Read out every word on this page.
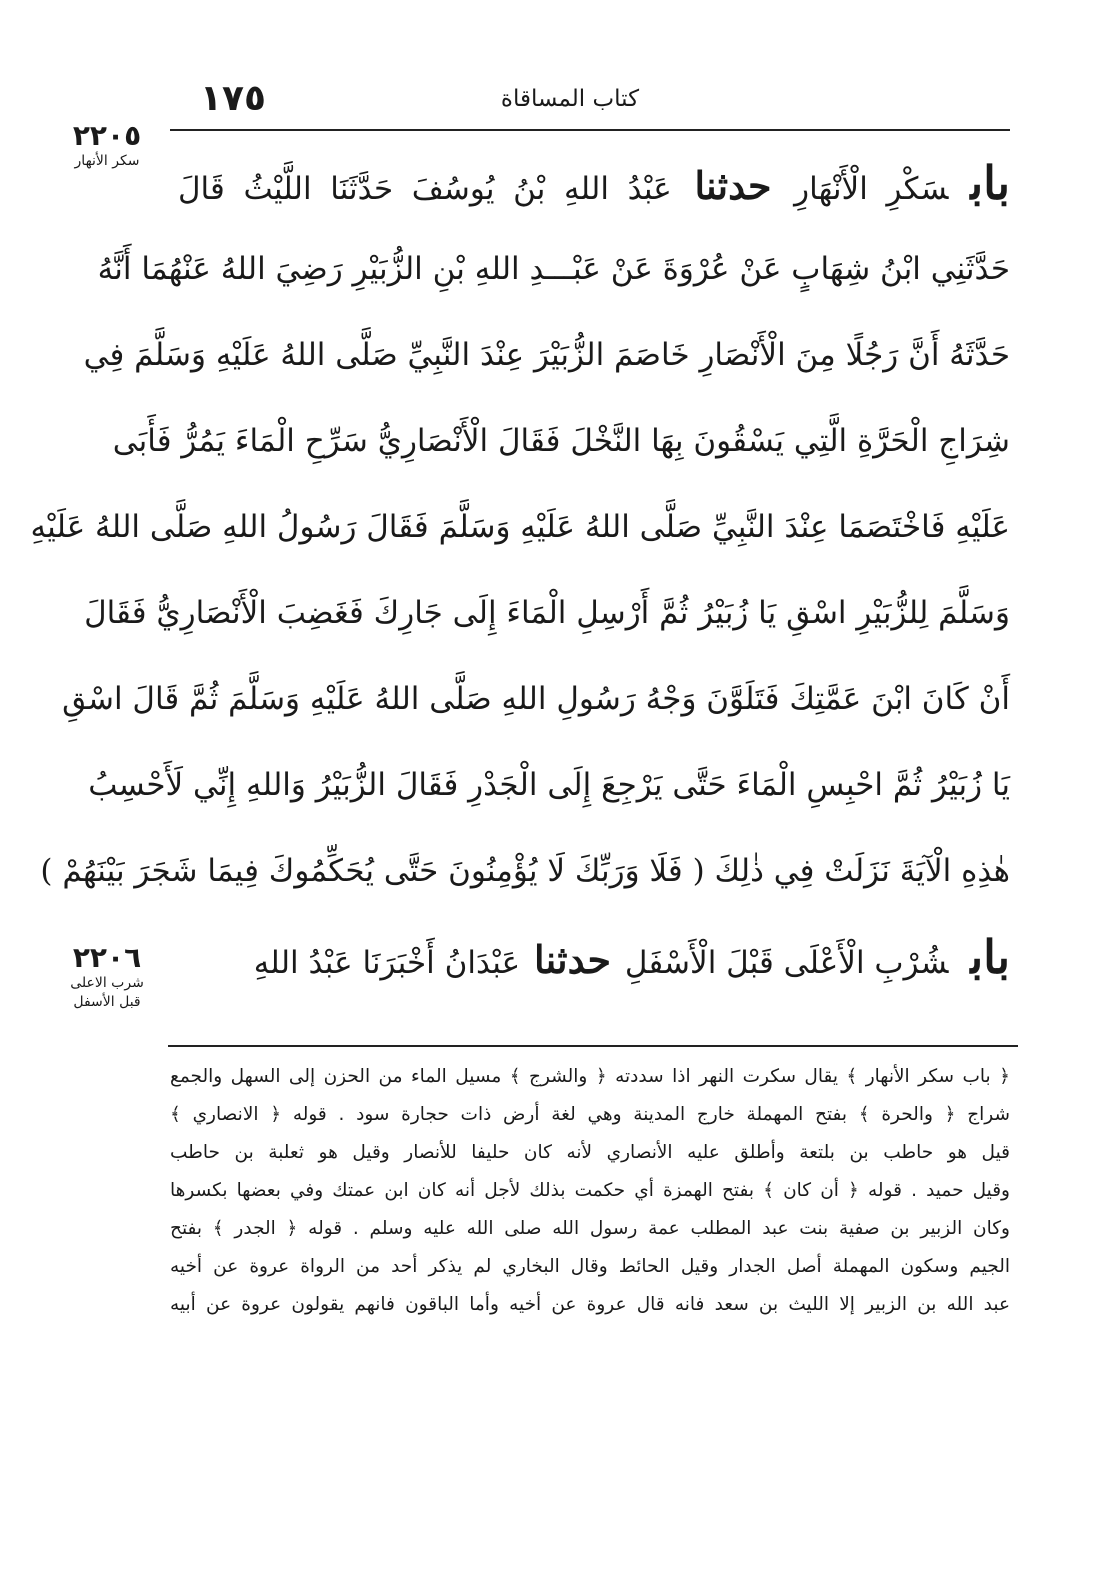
١٧٥	كتاب المساقاة
٢٢٠٥
سكر الأنهار
٢٢٠٦
شرب الاعلى
قبل الأسفل
بابسَكْرِ الْأَنْهَارِ حدثنا عَبْدُ اللهِ بْنُ يُوسُفَ حَدَّثَنَا اللَّيْثُ قَالَ
حَدَّثَنِي ابْنُ شِهَابٍ عَنْ عُرْوَةَ عَنْ عَبْـــدِ اللهِ بْنِ الزُّبَيْرِ رَضِيَ اللهُ عَنْهُمَا أَنَّهُ
حَدَّثَهُ أَنَّ رَجُلًا مِنَ الْأَنْصَارِ خَاصَمَ الزُّبَيْرَ عِنْدَ النَّبِيِّ صَلَّى اللهُ عَلَيْهِ وَسَلَّمَ فِي
شِرَاجِ الْحَرَّةِ الَّتِي يَسْقُونَ بِهَا النَّخْلَ فَقَالَ الْأَنْصَارِيُّ سَرِّحِ الْمَاءَ يَمُرُّ فَأَبَى
عَلَيْهِ فَاخْتَصَمَا عِنْدَ النَّبِيِّ صَلَّى اللهُ عَلَيْهِ وَسَلَّمَ فَقَالَ رَسُولُ اللهِ صَلَّى اللهُ عَلَيْهِ
وَسَلَّمَ لِلزُّبَيْرِ اسْقِ يَا زُبَيْرُ ثُمَّ أَرْسِلِ الْمَاءَ إِلَى جَارِكَ فَغَضِبَ الْأَنْصَارِيُّ فَقَالَ
أَنْ كَانَ ابْنَ عَمَّتِكَ فَتَلَوَّنَ وَجْهُ رَسُولِ اللهِ صَلَّى اللهُ عَلَيْهِ وَسَلَّمَ ثُمَّ قَالَ اسْقِ
يَا زُبَيْرُ ثُمَّ احْبِسِ الْمَاءَ حَتَّى يَرْجِعَ إِلَى الْجَدْرِ فَقَالَ الزُّبَيْرُ وَاللهِ إِنِّي لَأَحْسِبُ
هٰذِهِ الْآيَةَ نَزَلَتْ فِي ذٰلِكَ ( فَلَا وَرَبِّكَ لَا يُؤْمِنُونَ حَتَّى يُحَكِّمُوكَ فِيمَا شَجَرَ بَيْنَهُمْ )
بابشُرْبِ الْأَعْلَى قَبْلَ الْأَسْفَلِ حدثنا عَبْدَانُ أَخْبَرَنَا عَبْدُ اللهِ
﴿ باب سكر الأنهار ﴾ يقال سكرت النهر اذا سددته ﴿ والشرج ﴾ مسيل الماء من الحزن إلى السهل والجمع
شراج ﴿ والحرة ﴾ بفتح المهملة خارج المدينة وهي لغة أرض ذات حجارة سود . قوله ﴿ الانصاري ﴾
قيل هو حاطب بن بلتعة وأطلق عليه الأنصاري لأنه كان حليفا للأنصار وقيل هو ثعلبة بن حاطب
وقيل حميد . قوله ﴿ أن كان ﴾ بفتح الهمزة أي حكمت بذلك لأجل أنه كان ابن عمتك وفي بعضها بكسرها
وكان الزبير بن صفية بنت عبد المطلب عمة رسول الله صلى الله عليه وسلم . قوله ﴿ الجدر ﴾ بفتح
الجيم وسكون المهملة أصل الجدار وقيل الحائط وقال البخاري لم يذكر أحد من الرواة عروة عن أخيه
عبد الله بن الزبير إلا الليث بن سعد فانه قال عروة عن أخيه وأما الباقون فانهم يقولون عروة عن أبيه
